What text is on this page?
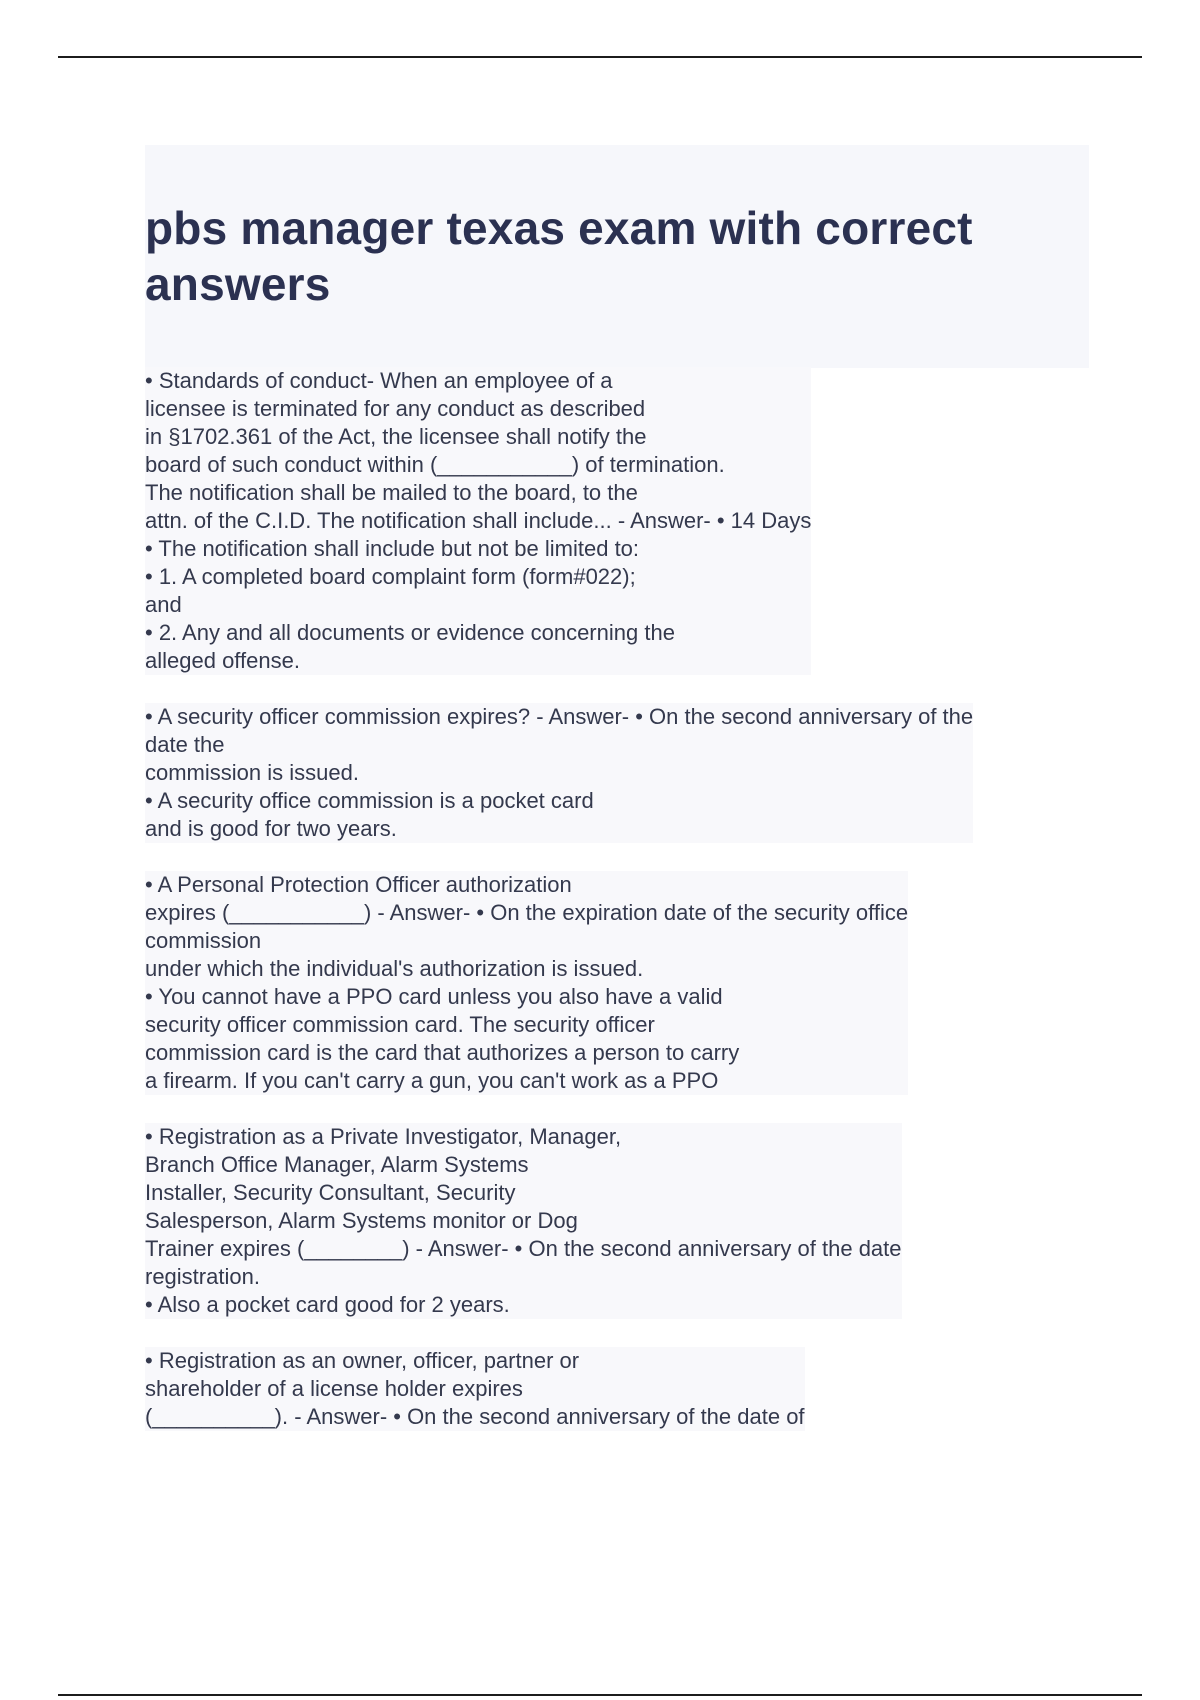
pbs manager texas exam with correct
answers
• Standards of conduct- When an employee of a
licensee is terminated for any conduct as described
in §1702.361 of the Act, the licensee shall notify the
board of such conduct within (___________) of termination.
The notification shall be mailed to the board, to the
attn. of the C.I.D. The notification shall include... - Answer- • 14 Days
• The notification shall include but not be limited to:
• 1. A completed board complaint form (form#022);
and
• 2. Any and all documents or evidence concerning the
alleged offense.
• A security officer commission expires? - Answer- • On the second anniversary of the
date the
commission is issued.
• A security office commission is a pocket card
and is good for two years.
• A Personal Protection Officer authorization
expires (___________) - Answer- • On the expiration date of the security office
commission
under which the individual's authorization is issued.
• You cannot have a PPO card unless you also have a valid
security officer commission card. The security officer
commission card is the card that authorizes a person to carry
a firearm. If you can't carry a gun, you can't work as a PPO
• Registration as a Private Investigator, Manager,
Branch Office Manager, Alarm Systems
Installer, Security Consultant, Security
Salesperson, Alarm Systems monitor or Dog
Trainer expires (________) - Answer- • On the second anniversary of the date
registration.
• Also a pocket card good for 2 years.
• Registration as an owner, officer, partner or
shareholder of a license holder expires
(__________). - Answer- • On the second anniversary of the date of
